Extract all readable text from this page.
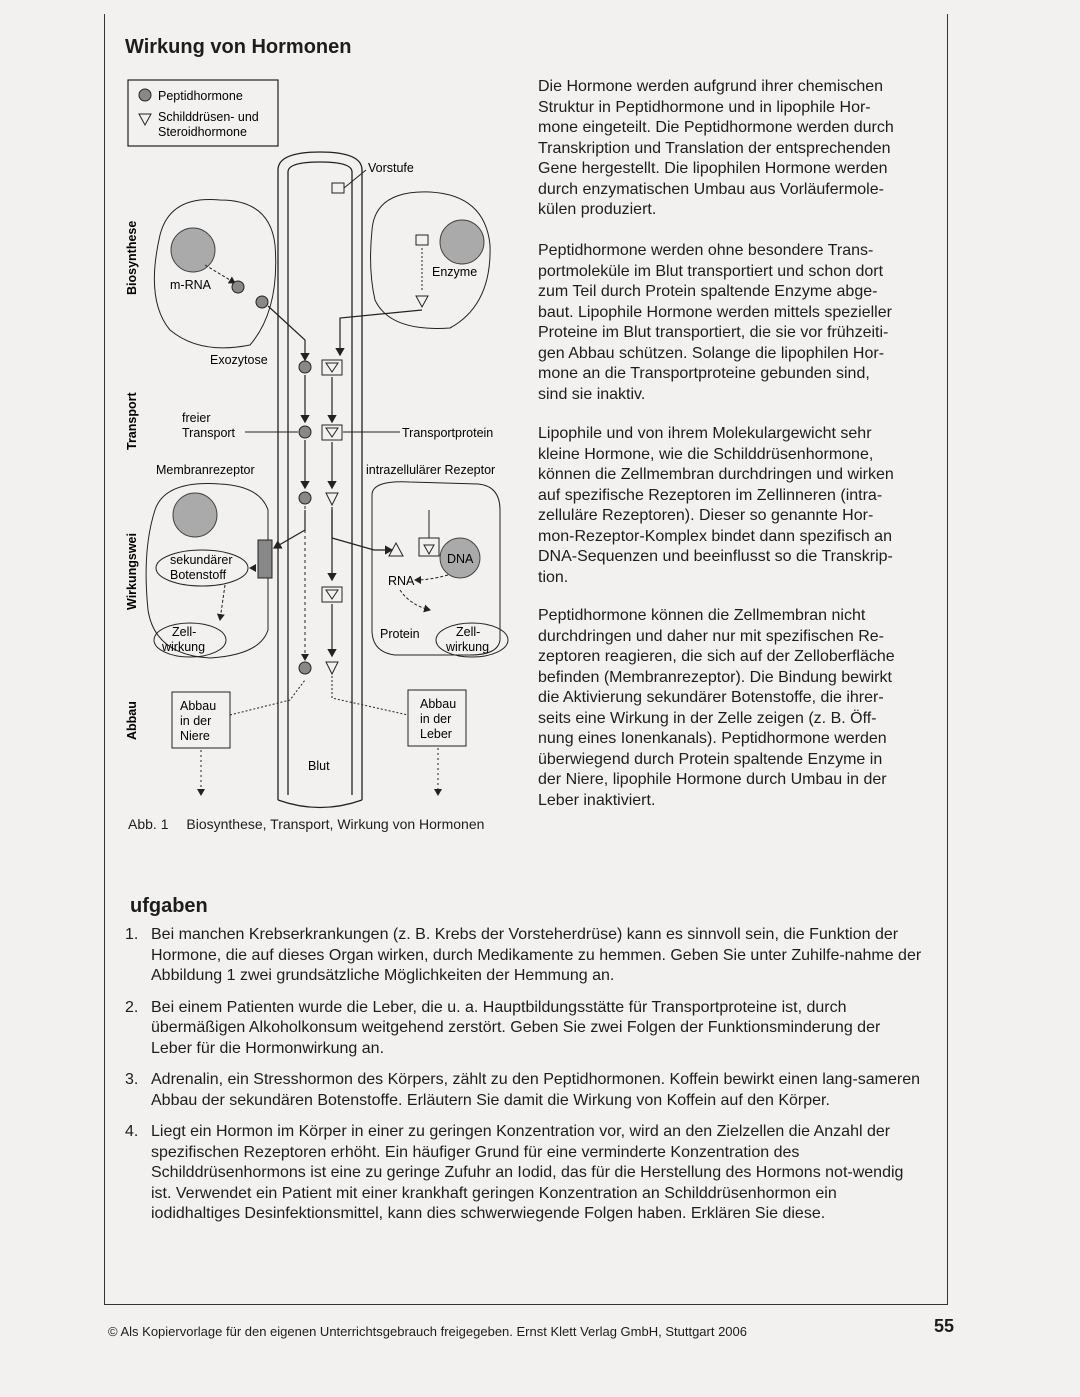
Wirkung von Hormonen
Peptidhormone
Schilddrüsen- und
Steroidhormone
Biosynthese
Transport
Wirkungswei
Abbau
Blut
Vorstufe
m-RNA
Exozytose
Enzyme
freier
Transport	Transportprotein
Membranrezeptor	intrazellulärer Rezeptor
sekundärer
Botenstoff
Zell-
wirkung
DNA
RNA
Protein	Zell-
wirkung
Abbau
in der
Niere
Abbau
in der
Leber
Abb. 1 Biosynthese, Transport, Wirkung von Hormonen

Die Hormone werden aufgrund ihrer chemischen

Struktur in Peptidhormone und in lipophile Hor-

mone eingeteilt. Die Peptidhormone werden durch

Transkription und Translation der entsprechenden

Gene hergestellt. Die lipophilen Hormone werden

durch enzymatischen Umbau aus Vorläufermole-

külen produziert.

Peptidhormone werden ohne besondere Trans-

portmoleküle im Blut transportiert und schon dort

zum Teil durch Protein spaltende Enzyme abge-

baut. Lipophile Hormone werden mittels spezieller

Proteine im Blut transportiert, die sie vor frühzeiti-

gen Abbau schützen. Solange die lipophilen Hor-

mone an die Transportproteine gebunden sind,

sind sie inaktiv.

Lipophile und von ihrem Molekulargewicht sehr

kleine Hormone, wie die Schilddrüsenhormone,

können die Zellmembran durchdringen und wirken

auf spezifische Rezeptoren im Zellinneren (intra-

zelluläre Rezeptoren). Dieser so genannte Hor-

mon-Rezeptor-Komplex bindet dann spezifisch an

DNA-Sequenzen und beeinflusst so die Transkrip-

tion.

Peptidhormone können die Zellmembran nicht

durchdringen und daher nur mit spezifischen Re-

zeptoren reagieren, die sich auf der Zelloberfläche

befinden (Membranrezeptor). Die Bindung bewirkt

die Aktivierung sekundärer Botenstoffe, die ihrer-

seits eine Wirkung in der Zelle zeigen (z. B. Öff-

nung eines Ionenkanals). Peptidhormone werden

überwiegend durch Protein spaltende Enzyme in

der Niere, lipophile Hormone durch Umbau in der

Leber inaktiviert.

ufgaben
1. Bei manchen Krebserkrankungen (z. B. Krebs der Vorsteherdrüse) kann es sinnvoll sein, die Funktion der Hormone, die auf dieses Organ wirken, durch Medikamente zu hemmen. Geben Sie unter Zuhilfe-nahme der Abbildung 1 zwei grundsätzliche Möglichkeiten der Hemmung an.
2. Bei einem Patienten wurde die Leber, die u. a. Hauptbildungsstätte für Transportproteine ist, durch übermäßigen Alkoholkonsum weitgehend zerstört. Geben Sie zwei Folgen der Funktionsminderung der Leber für die Hormonwirkung an.
3. Adrenalin, ein Stresshormon des Körpers, zählt zu den Peptidhormonen. Koffein bewirkt einen lang-sameren Abbau der sekundären Botenstoffe. Erläutern Sie damit die Wirkung von Koffein auf den Körper.
4. Liegt ein Hormon im Körper in einer zu geringen Konzentration vor, wird an den Zielzellen die Anzahl der spezifischen Rezeptoren erhöht. Ein häufiger Grund für eine verminderte Konzentration des Schilddrüsenhormons ist eine zu geringe Zufuhr an Iodid, das für die Herstellung des Hormons not-wendig ist. Verwendet ein Patient mit einer krankhaft geringen Konzentration an Schilddrüsenhormon ein iodidhaltiges Desinfektionsmittel, kann dies schwerwiegende Folgen haben. Erklären Sie diese.
© Als Kopiervorlage für den eigenen Unterrichtsgebrauch freigegeben. Ernst Klett Verlag GmbH, Stuttgart 2006	55
